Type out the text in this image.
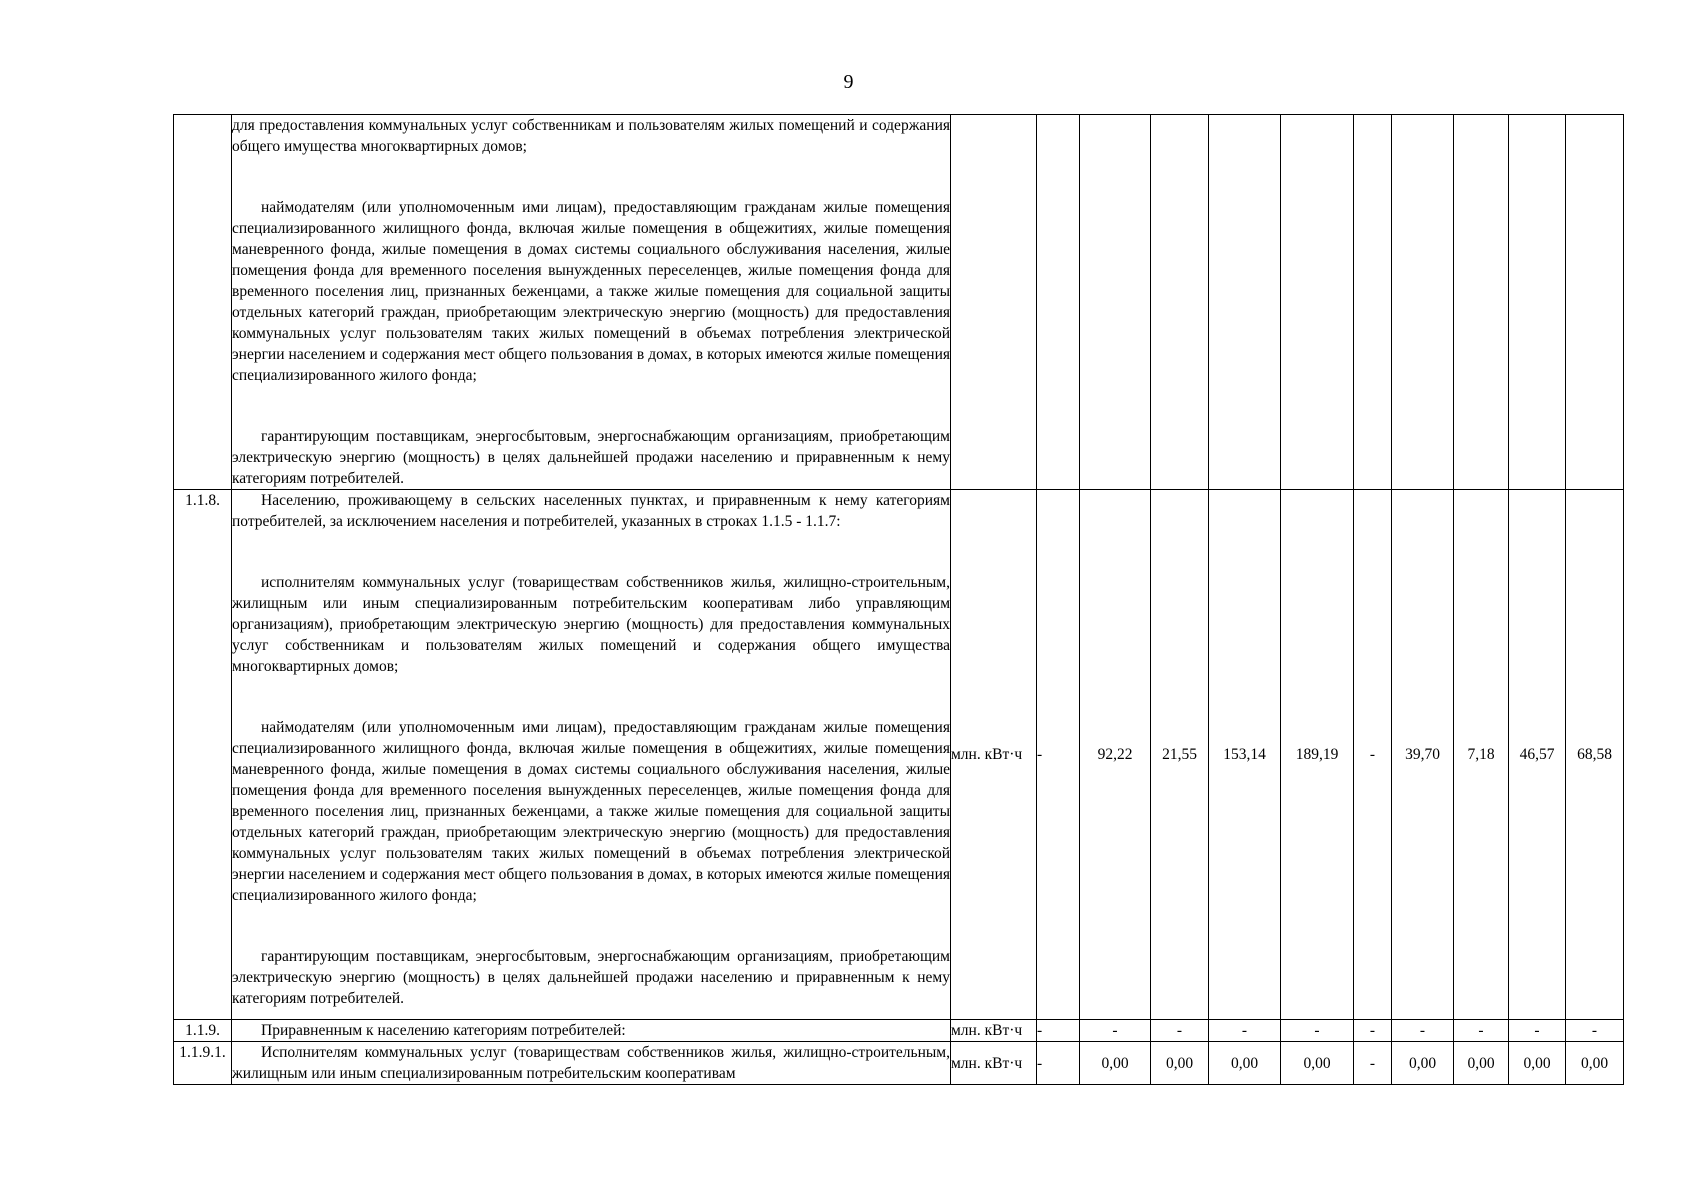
9

	для предоставления коммунальных услуг собственникам и пользователям жилых помещений и содержания общего имущества многоквартирных домов;

наймодателям (или уполномоченным ими лицам), предоставляющим гражданам жилые помещения специализированного жилищного фонда, включая жилые помещения в общежитиях, жилые помещения маневренного фонда, жилые помещения в домах системы социального обслуживания населения, жилые помещения фонда для временного поселения вынужденных переселенцев, жилые помещения фонда для временного поселения лиц, признанных беженцами, а также жилые помещения для социальной защиты отдельных категорий граждан, приобретающим электрическую энергию (мощность) для предоставления коммунальных услуг пользователям таких жилых помещений в объемах потребления электрической энергии населением и содержания мест общего пользования в домах, в которых имеются жилые помещения специализированного жилого фонда;

гарантирующим поставщикам, энергосбытовым, энергоснабжающим организациям, приобретающим электрическую энергию (мощность) в целях дальнейшей продажи населению и приравненным к нему категориям потребителей.											

1.1.8.	Населению, проживающему в сельских населенных пунктах, и приравненным к нему категориям потребителей, за исключением населения и потребителей, указанных в строках 1.1.5 - 1.1.7:

исполнителям коммунальных услуг (товариществам собственников жилья, жилищно-строительным, жилищным или иным специализированным потребительским кооперативам либо управляющим организациям), приобретающим электрическую энергию (мощность) для предоставления коммунальных услуг собственникам и пользователям жилых помещений и содержания общего имущества многоквартирных домов;

наймодателям (или уполномоченным ими лицам), предоставляющим гражданам жилые помещения специализированного жилищного фонда, включая жилые помещения в общежитиях, жилые помещения маневренного фонда, жилые помещения в домах системы социального обслуживания населения, жилые помещения фонда для временного поселения вынужденных переселенцев, жилые помещения фонда для временного поселения лиц, признанных беженцами, а также жилые помещения для социальной защиты отдельных категорий граждан, приобретающим электрическую энергию (мощность) для предоставления коммунальных услуг пользователям таких жилых помещений в объемах потребления электрической энергии населением и содержания мест общего пользования в домах, в которых имеются жилые помещения специализированного жилого фонда;

гарантирующим поставщикам, энергосбытовым, энергоснабжающим организациям, приобретающим электрическую энергию (мощность) в целях дальнейшей продажи населению и приравненным к нему категориям потребителей.	млн. кВт·ч	-	92,22	21,55	153,14	189,19	-	39,70	7,18	46,57	68,58
1.1.9.	Приравненным к населению категориям потребителей:	млн. кВт·ч	-	-	-	-	-	-	-	-	-	-
1.1.9.1.	Исполнителям коммунальных услуг (товариществам собственников жилья, жилищно-строительным, жилищным или иным специализированным потребительским кооперативам	млн. кВт·ч	-	0,00	0,00	0,00	0,00	-	0,00	0,00	0,00	0,00
